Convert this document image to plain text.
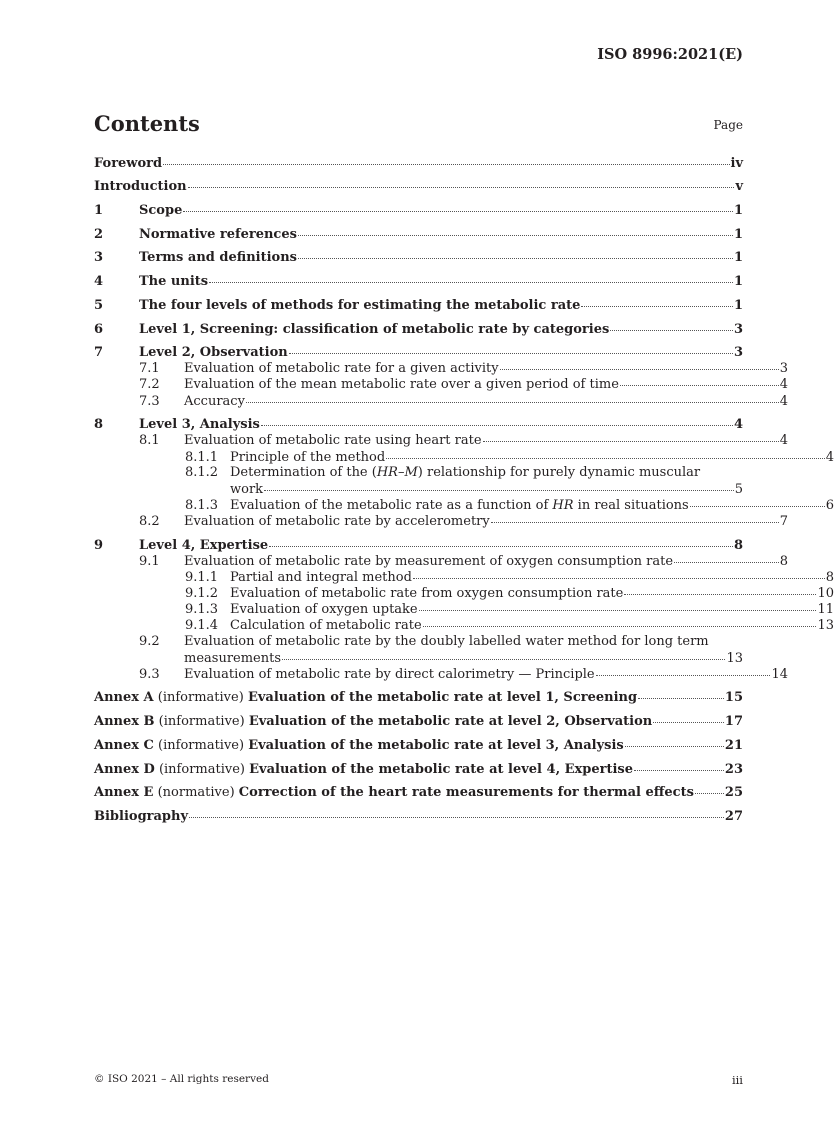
ISO 8996:2021(E)
Contents	Page
Foreword	iv
Introduction	v
1	Scope	1
2	Normative references	1
3	Terms and definitions	1
4	The units	1
5	The four levels of methods for estimating the metabolic rate	1
6	Level 1, Screening: classification of metabolic rate by categories	3
7	Level 2, Observation	3
7.1	Evaluation of metabolic rate for a given activity	3
7.2	Evaluation of the mean metabolic rate over a given period of time	4
7.3	Accuracy	4
8	Level 3, Analysis	4
8.1	Evaluation of metabolic rate using heart rate	4
8.1.1 Principle of the method	4
8.1.2 Determination of the (HR–M) relationship for purely dynamic muscular
work	5
8.1.3 Evaluation of the metabolic rate as a function of HR in real situations	6
8.2	Evaluation of metabolic rate by accelerometry	7
9	Level 4, Expertise	8
9.1	Evaluation of metabolic rate by measurement of oxygen consumption rate	8
9.1.1 Partial and integral method	8
9.1.2 Evaluation of metabolic rate from oxygen consumption rate	10
9.1.3 Evaluation of oxygen uptake	11
9.1.4 Calculation of metabolic rate	13
9.2 Evaluation of metabolic rate by the doubly labelled water method for long term
measurements	13
9.3	Evaluation of metabolic rate by direct calorimetry — Principle	14
Annex A (informative) Evaluation of the metabolic rate at level 1, Screening	15
Annex B (informative) Evaluation of the metabolic rate at level 2, Observation	17
Annex C (informative) Evaluation of the metabolic rate at level 3, Analysis	21
Annex D (informative) Evaluation of the metabolic rate at level 4, Expertise	23
Annex E (normative) Correction of the heart rate measurements for thermal effects 25
Bibliography	27
© ISO 2021 – All rights reserved	iii
